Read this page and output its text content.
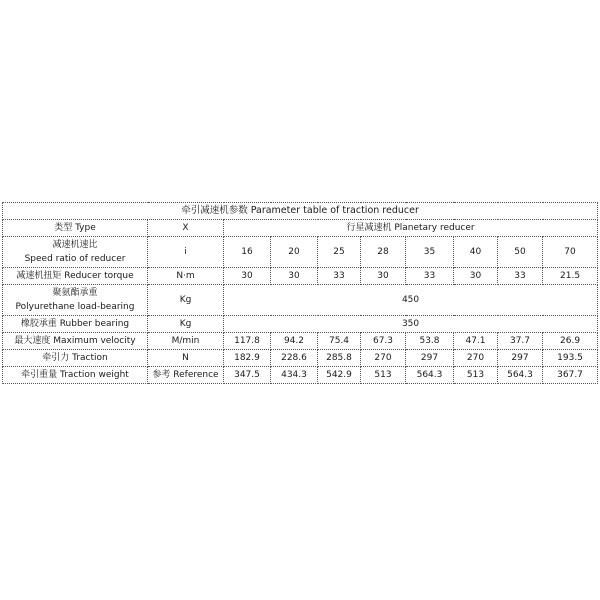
牵引减速机参数 Parameter table of traction reducer									
类型 Type	X	行星减速机 Planetary reducer							

减速机速比
Speed ratio of reducer	i	16	20	25	28	35	40	50	70
减速机扭矩 Reducer torque	N·m	30	30	33	30	33	30	33	21.5

聚氨酯承重
Polyurethane load-bearing	Kg	450							
橡胶承重 Rubber bearing	Kg	350							
最大速度 Maximum velocity	M/min	117.8	94.2	75.4	67.3	53.8	47.1	37.7	26.9
牵引力 Traction	N	182.9	228.6	285.8	270	297	270	297	193.5
牵引重量 Traction weight	参考 Reference	347.5	434.3	542.9	513	564.3	513	564.3	367.7
